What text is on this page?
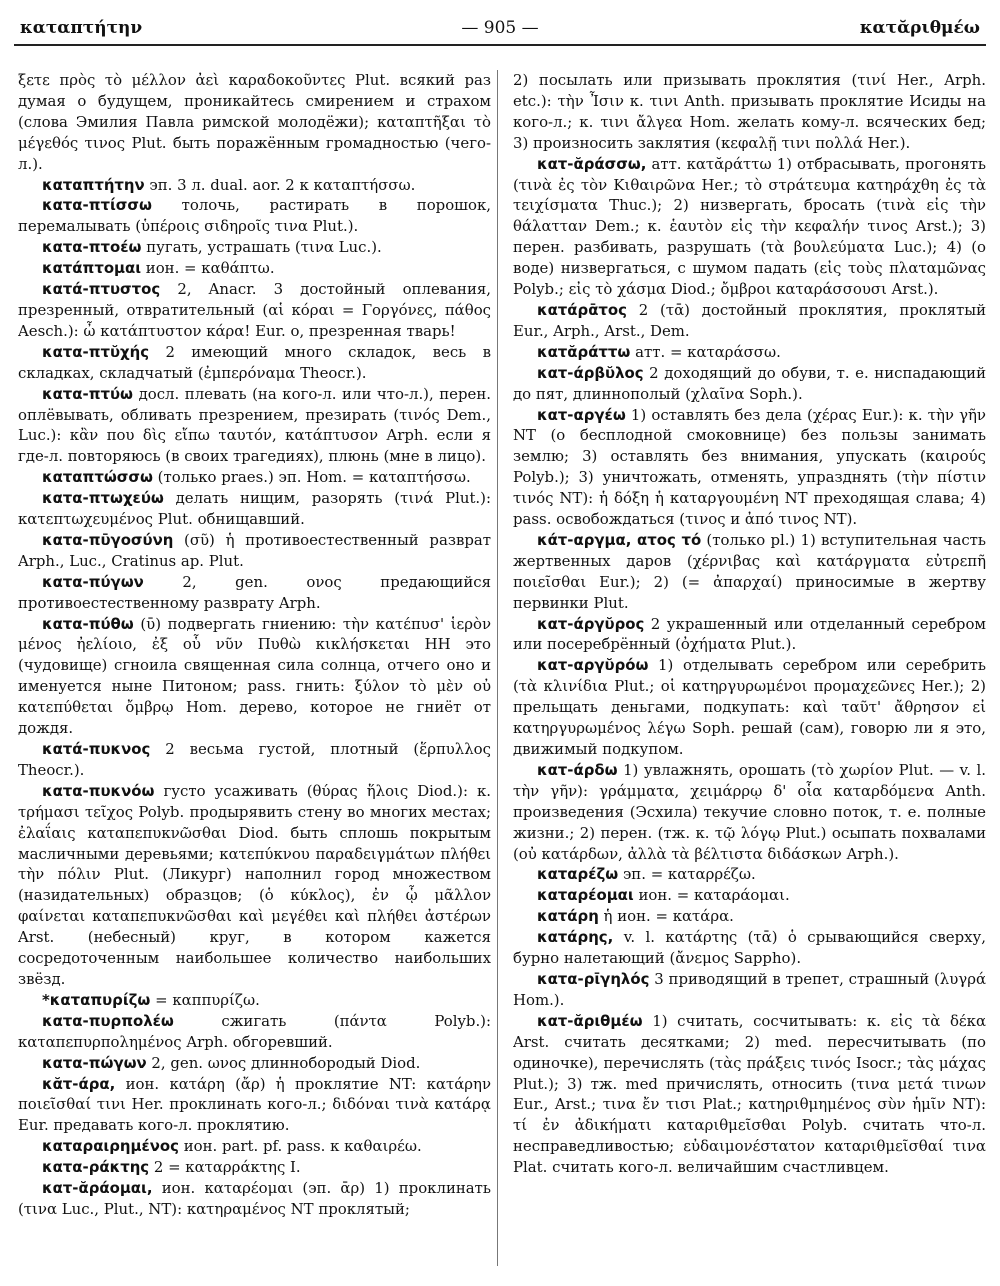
καταπτήτην	— 905 —	κατᾰριθμέω

ξετε πρὸς τὸ μέλλον ἀεὶ καραδοκοῦντες Plut. всякий раз думая о будущем, проникайтесь смирением и страхом (слова Эмилия Павла римской молодёжи); καταπτῆξαι τὸ μέγεθός τινος Plut. быть поражённым громадностью (чего-л.).

καταπτήτην эп. 3 л. dual. aor. 2 к καταπτήσσω.

κατα-πτίσσω толочь, растирать в порошок, перемалывать (ὑπέροις σιδηροῖς τινα Plut.).

κατα-πτοέω пугать, устрашать (τινα Luc.).

κατάπτομαι ион. = καθάπτω.

κατά-πτυστος 2, Anacr. 3 достойный оплевания, презренный, отвратительный (αἱ κόραι = Γοργόνες, πάθος Aesch.): ὦ κατάπτυστον κάρα! Eur. о, презренная тварь!

κατα-πτῠχής 2 имеющий много складок, весь в складках, складчатый (ἐμπερόναμα Theocr.).

κατα-πτύω досл. плевать (на кого-л. или что-л.), перен. оплёвывать, обливать презрением, презирать (τινός Dem., Luc.): κἂν που δὶς εἴπω ταυτόν, κατάπτυσον Arph. если я где-л. повторяюсь (в своих трагедиях), плюнь (мне в лицо).

καταπτώσσω (только praes.) эп. Hom. = καταπτήσσω.

κατα-πτωχεύω делать нищим, разорять (τινά Plut.): κατεπτωχευμένος Plut. обнищавший.

κατα-πῡγοσύνη (σῦ) ἡ противоестественный разврат Arph., Luc., Cratinus ap. Plut.

κατα-πύγων	2, gen. ονος предающийся противоестественному разврату Arph.

κατα-πύθω (ῡ) подвергать гниению: τὴν κατέπυσ' ἱερὸν μένος ἠελίοιο, ἐξ οὗ νῦν Πυθὼ κικλήσκεται HH это (чудовище) сгноила священная сила солнца, отчего оно и именуется ныне Питоном; pass. гнить: ξύλον τὸ μὲν οὐ κατεπύθεται ὄμβρῳ Hom. дерево, которое не гниёт от дождя.

κατά-πυκνος 2 весьма густой, плотный (ἕρπυλλος Theocr.).

κατα-πυκνόω густо усаживать (θύρας ἥλοις Diod.): κ. τρήμασι τεῖχος Polyb. продырявить стену во многих местах; ἐλαΐαις καταπεπυκνῶσθαι Diod. быть сплошь покрытым масличными деревьями; κατεπύκνου παραδειγμάτων πλήθει τὴν πόλιν Plut. (Ликург) наполнил город множеством (назидательных) образцов; (ὁ κύκλος), ἐν ᾧ μᾶλλον φαίνεται καταπεπυκνῶσθαι καὶ μεγέθει καὶ πλήθει ἀστέρων Arst. (небесный) круг, в котором кажется сосредоточенным наибольшее количество наибольших звёзд.

*καταπυρίζω = καππυρίζω.

κατα-πυρπολέω	сжигать (πάντα Polyb.): καταπεπυρπολημένος Arph. обгоревший.

κατα-πώγων 2, gen. ωνος длиннобородый Diod.

κᾰτ-άρα, ион. κατάρη (ἄρ) ἡ проклятие NT: κατάρην ποιεῖσθαί τινι Her. проклинать кого-л.; διδόναι τινὰ κατάρᾳ Eur. предавать кого-л. проклятию.

καταραιρημένος ион. part. pf. pass. к καθαιρέω.

κατα-ράκτης 2 = καταρράκτης I.

κατ-ᾰράομαι, ион. καταρέομαι (эп. ᾱρ) 1) проклинать (τινα Luc., Plut., NT): κατηραμένος NT проклятый;

2) посылать или призывать проклятия (τινί Her., Arph. etc.): τὴν Ἶσιν κ. τινι Anth. призывать проклятие Исиды на кого-л.; κ. τινι ἄλγεα Hom. желать кому-л. всяческих бед; 3) произносить заклятия (κεφαλῇ τινι πολλά Her.).

κατ-ᾰράσσω, атт. κατᾰράττω 1) отбрасывать, прогонять (τινὰ ἐς τὸν Κιθαιρῶνα Her.; τὸ στράτευμα κατηράχθη ἐς τὰ τειχίσματα Thuc.); 2) низвергать, бросать (τινὰ εἰς τὴν θάλατταν Dem.; κ. ἑαυτὸν εἰς τὴν κεφαλήν τινος Arst.); 3) перен. разбивать, разрушать (τὰ βουλεύματα Luc.); 4) (о воде) низвергаться, с шумом падать (εἰς τοὺς πλαταμῶνας Polyb.; εἰς τὸ χάσμα Diod.; ὄμβροι καταράσσουσι Arst.).

κατάρᾱτος 2 (τᾱ) достойный проклятия, проклятый Eur., Arph., Arst., Dem.

κατᾰράττω атт. = καταράσσω.

κατ-άρβῠλος 2 доходящий до обуви, т. е. ниспадающий до пят, длиннополый (χλαῖνα Soph.).

κατ-αργέω 1) оставлять без дела (χέρας Eur.): κ. τὴν γῆν NT (о бесплодной смоковнице) без пользы занимать землю; 3) оставлять без внимания, упускать (καιρούς Polyb.); 3) уничтожать, отменять, упразднять (τὴν πίστιν τινός NT): ἡ δόξη ἡ καταργουμένη NT преходящая слава; 4) pass. освобождаться (τινος и ἀπό τινος NT).

κάτ-αργμα, ατος τό (только pl.) 1) вступительная часть жертвенных даров (χέρνιβας καὶ κατάργματα εὐτρεπῆ ποιεῖσθαι Eur.); 2) (= ἀπαρχαί) приносимые в жертву первинки Plut.

κατ-άργῠρος 2 украшенный или отделанный серебром или посеребрённый (ὀχήματα Plut.).

κατ-αργῠρόω 1) отделывать серебром или серебрить (τὰ κλινίδια Plut.; οἱ κατηργυρωμένοι προμαχεῶνες Her.); 2) прельщать деньгами, подкупать: καὶ ταῦτ' ἄθρησον εἰ κατηργυρωμένος λέγω Soph. решай (сам), говорю ли я это, движимый подкупом.

κατ-άρδω 1) увлажнять, орошать (τὸ χωρίον Plut. — v. l. τὴν γῆν): γράμματα, χειμάρρῳ δ' οἷα καταρδόμενα Anth. произведения (Эсхила) текучие словно поток, т. е. полные жизни.; 2) перен. (тж. κ. τῷ λόγῳ Plut.) осыпать похвалами (οὐ κατάρδων, ἀλλὰ τὰ βέλτιστα διδάσκων Arph.).

καταρέζω эп. = καταρρέζω.

καταρέομαι ион. = καταράομαι.

κατάρη ἡ ион. = κατάρα.

κατάρης, v. l. κατάρτης (τᾱ) ὁ срывающийся сверху, бурно налетающий (ἄνεμος Sappho).

κατα-ρῑγηλός 3 приводящий в трепет, страшный (λυγρά Hom.).

κατ-ᾰριθμέω 1) считать, сосчитывать: κ. εἰς τὰ δέκα Arst. считать десятками; 2) med. пересчитывать (по одиночке), перечислять (τὰς πράξεις τινός Isocr.; τὰς μάχας Plut.); 3) тж. med причислять, относить (τινα μετά τινων Eur., Arst.; τινα ἔν τισι Plat.; κατηριθμημένος σὺν ἡμῖν NT): τί ἐν ἀδικήματι καταριθμεῖσθαι Polyb. считать что-л. несправедливостью; εὐδαιμονέστατον καταριθμεῖσθαί τινα Plat. считать кого-л. величайшим счастливцем.
